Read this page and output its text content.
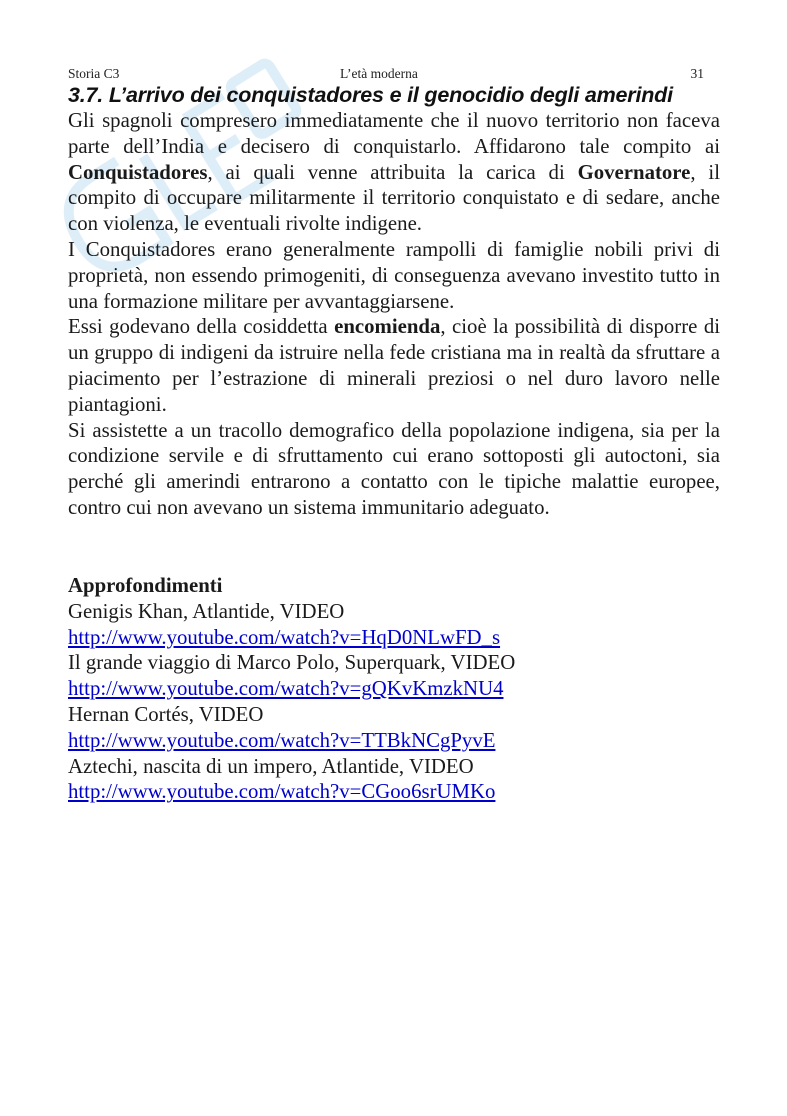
Storia C3	L’età moderna	31
3.7. L’arrivo dei conquistadores e il genocidio degli amerindi

Gli spagnoli compresero immediatamente che il nuovo territorio non faceva parte dell’India e decisero di conquistarlo. Affidarono tale compito ai Conquistadores, ai quali venne attribuita la carica di Governatore, il compito di occupare militarmente il territorio conquistato e di sedare, anche con violenza, le eventuali rivolte indigene.

I Conquistadores erano generalmente rampolli di famiglie nobili privi di proprietà, non essendo primogeniti, di conseguenza avevano investito tutto in una formazione militare per avvantaggiarsene.

Essi godevano della cosiddetta encomienda, cioè la possibilità di disporre di un gruppo di indigeni da istruire nella fede cristiana ma in realtà da sfruttare a piacimento per l’estrazione di minerali preziosi o nel duro lavoro nelle piantagioni.

Si assistette a un tracollo demografico della popolazione indigena, sia per la condizione servile e di sfruttamento cui erano sottoposti gli autoctoni, sia perché gli amerindi entrarono a contatto con le tipiche malattie europee, contro cui non avevano un sistema immunitario adeguato.

Approfondimenti

Genigis Khan, Atlantide, VIDEO

http://www.youtube.com/watch?v=HqD0NLwFD_s

Il grande viaggio di Marco Polo, Superquark, VIDEO

http://www.youtube.com/watch?v=gQKvKmzkNU4

Hernan Cortés, VIDEO

http://www.youtube.com/watch?v=TTBkNCgPyvE

Aztechi, nascita di un impero, Atlantide, VIDEO

http://www.youtube.com/watch?v=CGoo6srUMKo
